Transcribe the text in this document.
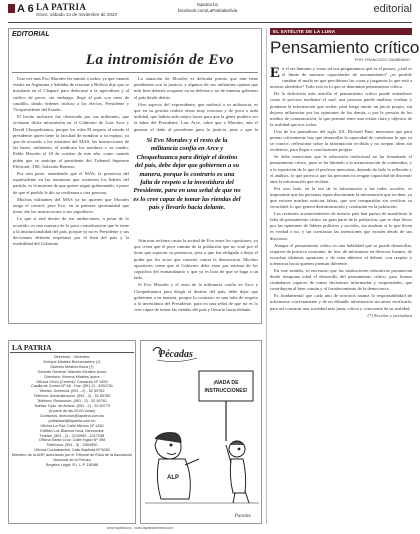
A 6 LA PATRIA
Oruro, sábado 14 de noviembre de 2020
lapatria.bo
facebook.com/LaPatriaBolivia	editorial
EDITORIAL
La intromisión de Evo

Una vez más Evo Morales les mintió a todos, ya que cuando estaba en Argentina y hablaba de retornar a Bolivia dijo que se instalaría en el Chapare para dedicarse a la agricultura y al cultivo de peces, sin embargo, llegó al país con aires de caudillo, dando órdenes incluso a los electos, Presidente y Vicepresidente del Estado.

El hecho inclusive fue observado por sus militantes, que rechazan dicha intromisión en el Gobierno de Luis Arce y David Choquehuanca, porque los roles El respeto al estado el presidente quien tiene la facultad de nombrar a su equipo, ya que de acuerdo a los estatutos del MAS, las instrucciones de las bases, militantes, el sindicato los nombres o su cuadro, Pablo Morales el 18 de octubre de este año, como cuando piden que se anticipe al presidente del Tribunal Supremo Electoral, TSE, Salvador Romero.

Por otra parte, atendiendo que el MAS, la presencia del expresidente en las reuniones que sostienen los líderes del partido, es la muestra de que quiere seguir gobernando, a pesar de que el pueblo le dio su confianza a otra persona.

Muchos militantes del MAS ya no quieren que Morales tenga el control, pero Evo, en la primera oportunidad que tiene, dio las instrucciones a sus seguidores.

Lo que sí está dentro de sus atribuciones, a pesar de lo ocurrido, es una muestra de la poca consideración que le tiene a la institucionalidad del país, porque ya no es Presidente y sus decisiones deberán respetarse por el bien del país y la estabilidad del Gobierno.

La situación de Morales es delicada puesto que aún tiene pendientes con la justicia, y algunos de sus militantes opinan que más bien debería ocuparse en su defensa y no de intentar gobernar el país desde detrás.

Otro aspecto del expresidente, que molestó a su militancia, es que en su gestión realizó obras muy costosas y de poca o nula utilidad, que habría sido mejor hacer para que la gente pudiera ver la labor del Presidente, Luis Arce, sobre que a Morales, aún el generar el daño al presidente para la justicia, pese a que la

Si Evo Morales y el resto de la militancia confía en Arce y Choquehuanca para dirigir el destino del país, debe dejar que gobiernen a su manera, porque lo contrario es una falta de respeto a la investidura del Presidente, para en una señal de que no es lo cree capaz de tomar las riendas del país y llevarlo hacia delante.

Aún más rechazo causa la actitud de Evo entre los opositores, ya que creen que el peor camino de la población que no votó por él tiene que soportar su presencia, pese a que fue obligado a dejar el poder por los actos que cometió contra la democracia. Muchos opositores creen que el Gobierno debe estar por encima de los caprichos del exmandatario y que ya es hora de que se haga a un lado.

Si Evo Morales y el resto de la militancia confía en Arce y Choquehuanca para dirigir el destino del país, debe dejar que gobiernen a su manera, porque lo contrario es una falta de respeto a la investidura del Presidente, para en una señal de que no es lo cree capaz de tomar las riendas del país y llevarlo hacia delante.

LA PATRIA
Directorio - Gerentes:
Enrique Miralles Bonnecarrere (†)
Marcelo Miralles Bova (†)
Gerente General: Marcelo Miralles Iporre
Directora: Ximena Miralles Iporre
Oficina Oruro (Central): Camacho Nº 1892
Casilla de Correo Nº 48 - Fax: (591-2) - 5250781
Telefax: Gerencia: (591 - 2) - 52 50782
Teléfono: Administración: (591 - 2) - 52 50780
Teléfono: Redacción: (591 - 2) - 52 50761
Telefax: Dpto. de Avisos: (591 - 2) - 52 50779
(A partir de las 20:00 horas)
Contactos: direccion@lapatria.com.bo
publicidad@lapatria.com.bo
Oficina La Paz: Calle México Nº 1430
Edificio Los Blancos Urca, Mezzanine
Telefax: (591 - 2) - 2210950 - 2117038
Oficina Santa Cruz: Calle Ingavi Nº 398
Teléfonos: (591 - 3) - 3354590
Oficina Cochabamba: Calle Baptista Nº 5062
Miembro de la ANP, autorizado por el Tribunal de Ética de la Asociación Nacional de la Prensa
Registro Legal: R.I. L.P. 180/88
Pécadas
¡NADA DE
INSTRUCCIONES!
ALP
Paredes
www.lapatria.bo - www.lapatriaenlinea.com
EL SATÉLITE DE LA LUNA
Pensamiento crítico
POR: FRANCISCO ZAMBRANO

En el ser humano y como tal nos preguntamos qué es el pensar, ¿cuál es el límite de nuestras capacidades de razonamiento? ¿es posible cambiar el modo en que percibimos las cosas y juzgamos lo que está a nuestro alrededor? Todo esto es lo que se denomina pensamiento crítico.

De la definición más sencilla el pensamiento crítico puede entenderse como el proceso mediante el cual, una persona puede analizar, evaluar y ponderar la información que recibe, para luego emitir un juicio propio, sin dejarse influenciar por las opiniones de los demás, o por la presión de los medios de comunicación, lo que permite tener una visión clara y objetiva de la realidad que nos rodea.

Uno de los pensadores del siglo XX, Richard Paul, menciona que para pensar críticamente hay que desarrollar la capacidad de cuestionar lo que ya se conoce, reflexionar sobre la información recibida y no aceptar ideas sin evidencia, para llegar a conclusiones propias.

Se debe mencionar que la educación tradicional no ha fomentado el pensamiento crítico, pues se ha limitado a la memorización de contenidos, y a la repetición de lo que el profesor menciona, dejando de lado la reflexión y el análisis, lo que provoca que las personas no tengan capacidad de discernir ante la información que reciben.

Por otro lado, en la era de la información y las redes sociales, es importante que las personas sepan discriminar la información que reciben, ya que existen muchas noticias falsas, que son compartidas sin verificar su veracidad, lo que genera desinformación y confusión en la población.

Los recientes acontecimientos de nuestro país han puesto de manifiesto la falta de pensamiento crítico en gran parte de la población, que se deja llevar por las opiniones de líderes políticos y sociales, sin analizar si lo que dicen es verdad o no, y sin cuestionar las intenciones que existen detrás de sus discursos.

Aunque el pensamiento crítico es una habilidad que se puede desarrollar, requiere de práctica constante, de leer, de informarse en diversas fuentes, de escuchar distintas opiniones y de estar abiertos al debate, con respeto y tolerancia hacia quienes piensan diferente.

En este sentido, es necesario que las instituciones educativas promuevan desde temprana edad el desarrollo del pensamiento crítico, para formar ciudadanos capaces de tomar decisiones informadas y responsables, que contribuyan al bien común y al fortalecimiento de la democracia.

Es fundamental que cada uno de nosotros asuma la responsabilidad de informarse correctamente y de no difundir información sin antes verificarla, para así construir una sociedad más justa, crítica y consciente de su realidad.

(*) Escritor y periodista
